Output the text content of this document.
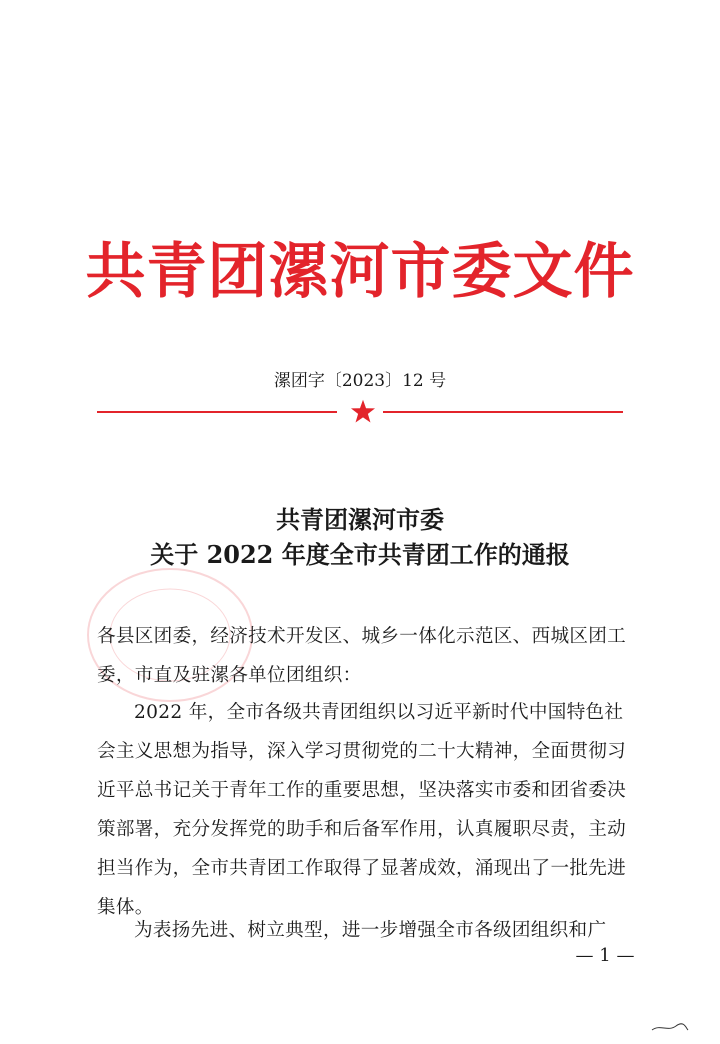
共青团漯河市委文件
漯团字〔2023〕12 号
共青团漯河市委
关于 2022 年度全市共青团工作的通报

各县区团委，经济技术开发区、城乡一体化示范区、西城区团工委，市直及驻漯各单位团组织：

2022 年，全市各级共青团组织以习近平新时代中国特色社会主义思想为指导，深入学习贯彻党的二十大精神，全面贯彻习近平总书记关于青年工作的重要思想，坚决落实市委和团省委决策部署，充分发挥党的助手和后备军作用，认真履职尽责，主动担当作为，全市共青团工作取得了显著成效，涌现出了一批先进集体。

为表扬先进、树立典型，进一步增强全市各级团组织和广

— 1 —
